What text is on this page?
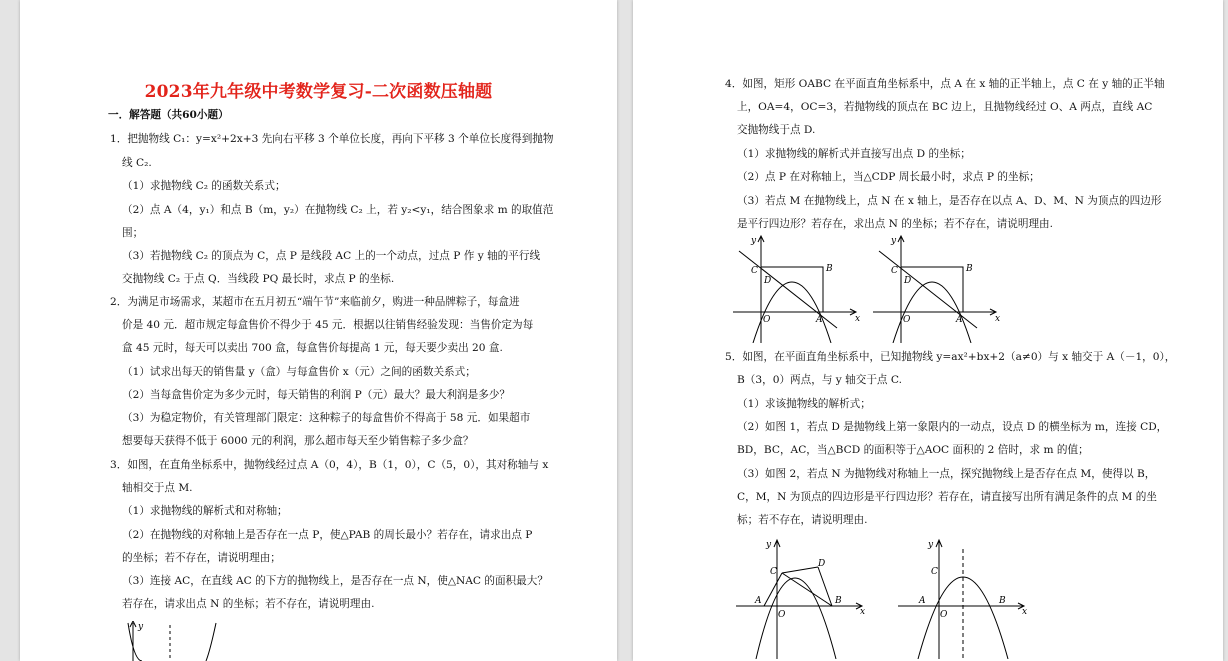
2023年九年级中考数学复习-二次函数压轴题
一．解答题（共60小题）
1．把抛物线 C₁：y=x²+2x+3 先向右平移 3 个单位长度，再向下平移 3 个单位长度得到抛物
线 C₂.
（1）求抛物线 C₂ 的函数关系式；
（2）点 A（4，y₁）和点 B（m，y₂）在抛物线 C₂ 上，若 y₂<y₁，结合图象求 m 的取值范
围；
（3）若抛物线 C₂ 的顶点为 C，点 P 是线段 AC 上的一个动点，过点 P 作 y 轴的平行线
交抛物线 C₂ 于点 Q．当线段 PQ 最长时，求点 P 的坐标.
2．为满足市场需求，某超市在五月初五“端午节”来临前夕，购进一种品牌粽子，每盒进
价是 40 元．超市规定每盒售价不得少于 45 元．根据以往销售经验发现：当售价定为每
盒 45 元时，每天可以卖出 700 盒，每盒售价每提高 1 元，每天要少卖出 20 盒.
（1）试求出每天的销售量 y（盒）与每盒售价 x（元）之间的函数关系式；
（2）当每盒售价定为多少元时，每天销售的利润 P（元）最大？最大利润是多少？
（3）为稳定物价，有关管理部门限定：这种粽子的每盒售价不得高于 58 元．如果超市
想要每天获得不低于 6000 元的利润，那么超市每天至少销售粽子多少盒？
3．如图，在直角坐标系中，抛物线经过点 A（0，4），B（1，0），C（5，0），其对称轴与 x
轴相交于点 M.
（1）求抛物线的解析式和对称轴；
（2）在抛物线的对称轴上是否存在一点 P，使△PAB 的周长最小？若存在，请求出点 P
的坐标；若不存在，请说明理由；
（3）连接 AC，在直线 AC 的下方的抛物线上，是否存在一点 N，使△NAC 的面积最大？
若存在，请求出点 N 的坐标；若不存在，请说明理由.
y
4．如图，矩形 OABC 在平面直角坐标系中，点 A 在 x 轴的正半轴上，点 C 在 y 轴的正半轴
上，OA=4，OC=3，若抛物线的顶点在 BC 边上，且抛物线经过 O、A 两点，直线 AC
交抛物线于点 D.
（1）求抛物线的解析式并直接写出点 D 的坐标；
（2）点 P 在对称轴上，当△CDP 周长最小时，求点 P 的坐标；
（3）若点 M 在抛物线上，点 N 在 x 轴上，是否存在以点 A、D、M、N 为顶点的四边形
是平行四边形？若存在，求出点 N 的坐标；若不存在，请说明理由.
5．如图，在平面直角坐标系中，已知抛物线 y=ax²+bx+2（a≠0）与 x 轴交于 A（－1，0），
B（3，0）两点，与 y 轴交于点 C.
（1）求该抛物线的解析式；
（2）如图 1，若点 D 是抛物线上第一象限内的一动点，设点 D 的横坐标为 m，连接 CD，
BD，BC，AC，当△BCD 的面积等于△AOC 面积的 2 倍时，求 m 的值；
（3）如图 2，若点 N 为抛物线对称轴上一点，探究抛物线上是否存在点 M，使得以 B，
C，M，N 为顶点的四边形是平行四边形？若存在，请直接写出所有满足条件的点 M 的坐
标；若不存在，请说明理由.
x
y
C	B
D
O	A	x
y
C	B
D
O	A
x
y
C
D
A
O
B
x
y
C
A
O
B
